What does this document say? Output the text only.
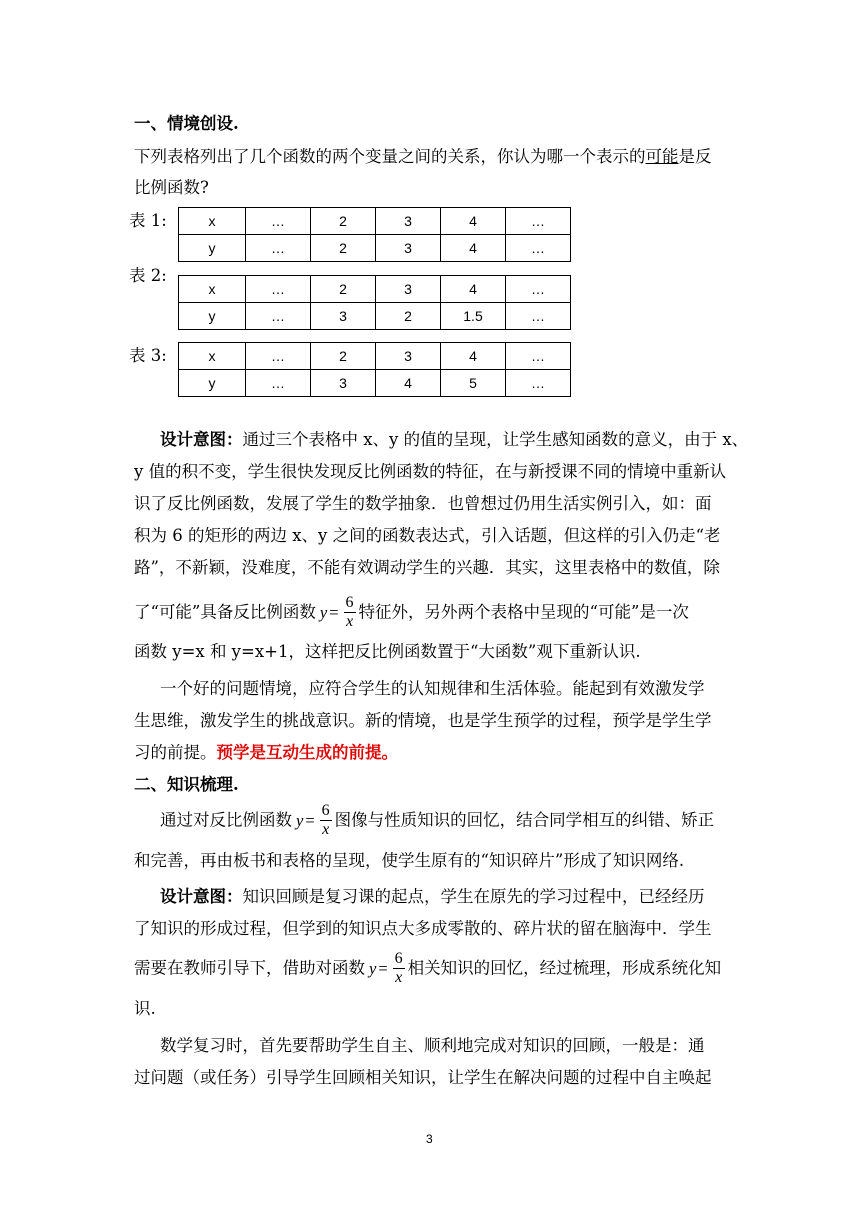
一、情境创设.
下列表格列出了几个函数的两个变量之间的关系，你认为哪一个表示的可能是反
比例函数?
表 1:	x	…	2	3	4	…
y	…	2	3	4	…
表 2:
x	…	2	3	4	…
y	…	3	2	1.5	…
表 3:	x	…	2	3	4	…
y	…	3	4	5	…
设计意图：通过三个表格中 x、y 的值的呈现，让学生感知函数的意义，由于 x、
y 值的积不变，学生很快发现反比例函数的特征，在与新授课不同的情境中重新认
识了反比例函数，发展了学生的数学抽象．也曾想过仍用生活实例引入，如：面
积为 6 的矩形的两边 x、y 之间的函数表达式，引入话题，但这样的引入仍走“老
路”，不新颖，没难度，不能有效调动学生的兴趣．其实，这里表格中的数值，除
了“可能”具备反比例函数 $y = \frac{6}{x}$ 特征外，另外两个表格中呈现的“可能”是一次
函数 y=x 和 y=x+1，这样把反比例函数置于“大函数”观下重新认识.
一个好的问题情境，应符合学生的认知规律和生活体验。能起到有效激发学
生思维，激发学生的挑战意识。新的情境，也是学生预学的过程，预学是学生学
习的前提。预学是互动生成的前提。
二、知识梳理.
通过对反比例函数 $y = \frac{6}{x}$ 图像与性质知识的回忆，结合同学相互的纠错、矫正
和完善，再由板书和表格的呈现，使学生原有的“知识碎片”形成了知识网络.
设计意图：知识回顾是复习课的起点，学生在原先的学习过程中，已经经历
了知识的形成过程，但学到的知识点大多成零散的、碎片状的留在脑海中．学生
需要在教师引导下，借助对函数 $y = \frac{6}{x}$ 相关知识的回忆，经过梳理，形成系统化知
识.
数学复习时，首先要帮助学生自主、顺利地完成对知识的回顾，一般是：通
过问题（或任务）引导学生回顾相关知识，让学生在解决问题的过程中自主唤起
3
